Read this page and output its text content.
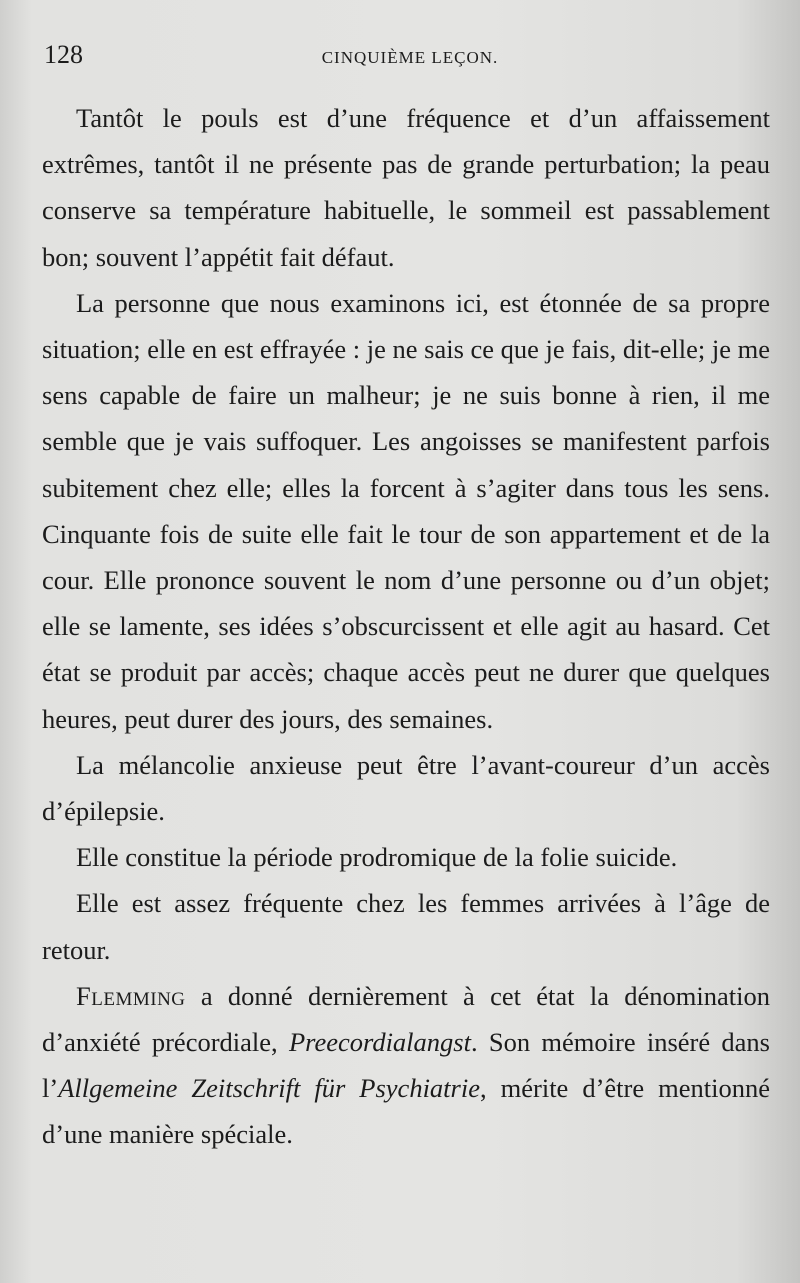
128	CINQUIÈME LEÇON.

Tantôt le pouls est d’une fréquence et d’un affaissement extrêmes, tantôt il ne présente pas de grande perturbation; la peau conserve sa température habituelle, le sommeil est passablement bon; souvent l’appétit fait défaut.

La personne que nous examinons ici, est étonnée de sa propre situation; elle en est effrayée : je ne sais ce que je fais, dit-elle; je me sens capable de faire un malheur; je ne suis bonne à rien, il me semble que je vais suffoquer. Les angoisses se manifestent parfois subitement chez elle; elles la forcent à s’agiter dans tous les sens. Cinquante fois de suite elle fait le tour de son appartement et de la cour. Elle prononce souvent le nom d’une personne ou d’un objet; elle se lamente, ses idées s’obscurcissent et elle agit au hasard. Cet état se produit par accès; chaque accès peut ne durer que quelques heures, peut durer des jours, des semaines.

La mélancolie anxieuse peut être l’avant-coureur d’un accès d’épilepsie.

Elle constitue la période prodromique de la folie suicide.

Elle est assez fréquente chez les femmes arrivées à l’âge de retour.

Flemming a donné dernièrement à cet état la dénomination d’anxiété précordiale, Preecordialangst. Son mémoire inséré dans l’Allgemeine Zeitschrift für Psychiatrie, mérite d’être mentionné d’une manière spéciale.
